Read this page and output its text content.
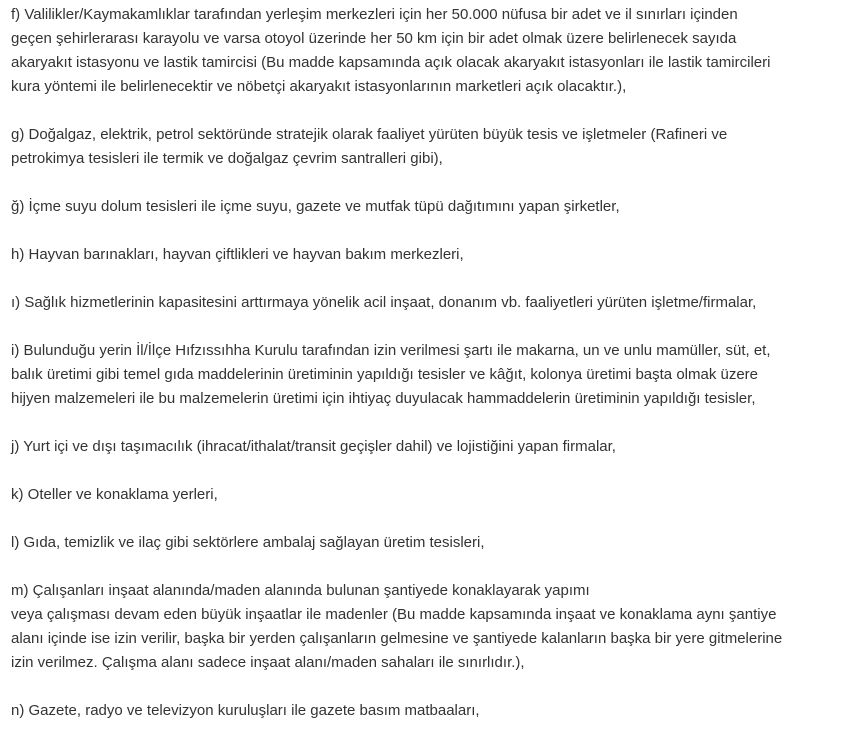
f) Valilikler/Kaymakamlıklar tarafından yerleşim merkezleri için her 50.000 nüfusa bir adet ve il sınırları içinden
geçen şehirlerarası karayolu ve varsa otoyol üzerinde her 50 km için bir adet olmak üzere belirlenecek sayıda
akaryakıt istasyonu ve lastik tamircisi (Bu madde kapsamında açık olacak akaryakıt istasyonları ile lastik tamircileri
kura yöntemi ile belirlenecektir ve nöbetçi akaryakıt istasyonlarının marketleri açık olacaktır.),

g) Doğalgaz, elektrik, petrol sektöründe stratejik olarak faaliyet yürüten büyük tesis ve işletmeler (Rafineri ve
petrokimya tesisleri ile termik ve doğalgaz çevrim santralleri gibi),

ğ) İçme suyu dolum tesisleri ile içme suyu, gazete ve mutfak tüpü dağıtımını yapan şirketler,

h) Hayvan barınakları, hayvan çiftlikleri ve hayvan bakım merkezleri,

ı) Sağlık hizmetlerinin kapasitesini arttırmaya yönelik acil inşaat, donanım vb. faaliyetleri yürüten işletme/firmalar,

i) Bulunduğu yerin İl/İlçe Hıfzıssıhha Kurulu tarafından izin verilmesi şartı ile makarna, un ve unlu mamüller, süt, et,
balık üretimi gibi temel gıda maddelerinin üretiminin yapıldığı tesisler ve kâğıt, kolonya üretimi başta olmak üzere
hijyen malzemeleri ile bu malzemelerin üretimi için ihtiyaç duyulacak hammaddelerin üretiminin yapıldığı tesisler,

j) Yurt içi ve dışı taşımacılık (ihracat/ithalat/transit geçişler dahil) ve lojistiğini yapan firmalar,

k) Oteller ve konaklama yerleri,

l) Gıda, temizlik ve ilaç gibi sektörlere ambalaj sağlayan üretim tesisleri,

m) Çalışanları inşaat alanında/maden alanında bulunan şantiyede konaklayarak yapımı
veya çalışması devam eden büyük inşaatlar ile madenler (Bu madde kapsamında inşaat ve konaklama aynı şantiye
alanı içinde ise izin verilir, başka bir yerden çalışanların gelmesine ve şantiyede kalanların başka bir yere gitmelerine
izin verilmez. Çalışma alanı sadece inşaat alanı/maden sahaları ile sınırlıdır.),

n) Gazete, radyo ve televizyon kuruluşları ile gazete basım matbaaları,
